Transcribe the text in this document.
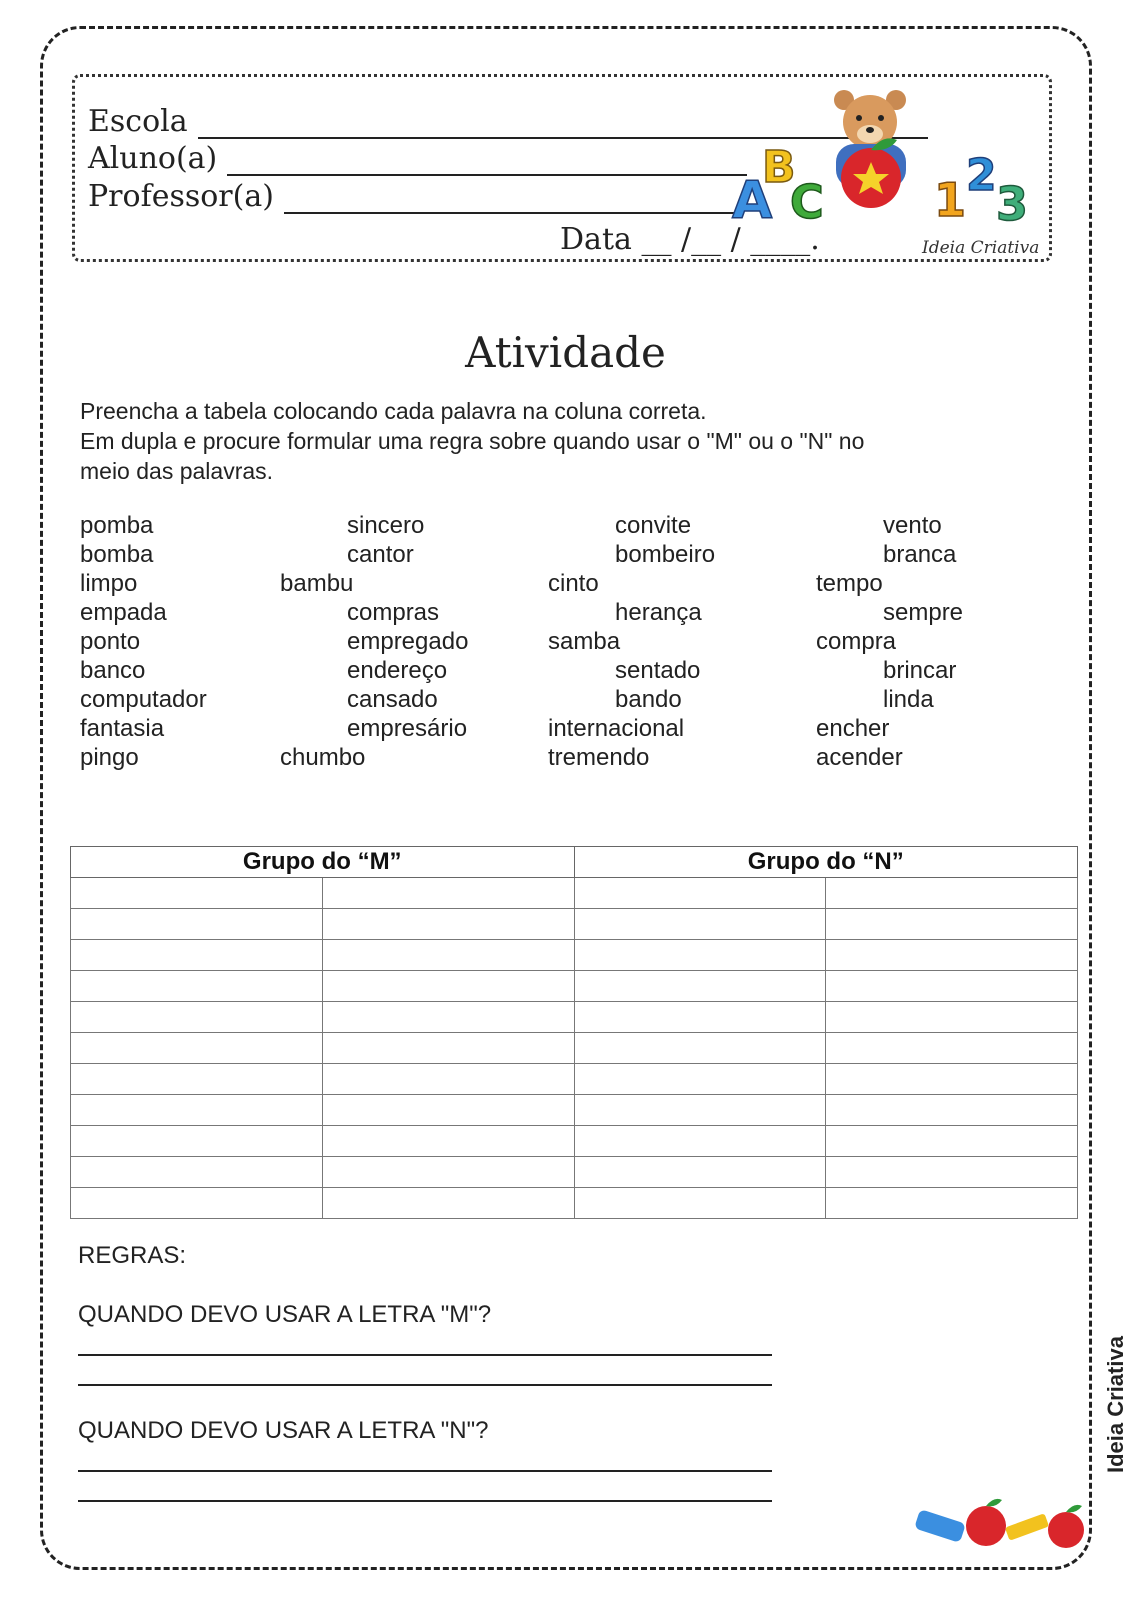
Escola
Aluno(a)
Professor(a)
Data __ /__ / ____.
A
B
C 1 2
3
Ideia Criativa
Atividade

Preencha a tabela colocando cada palavra na coluna correta.

Em dupla e procure formular uma regra sobre quando usar o "M" ou o "N" no

meio das palavras.

pomba	sincero	convite	vento
bomba	cantor	bombeiro	branca
limpo	bambu	cinto	tempo
empada	compras	herança	sempre
ponto	empregado	samba	compra
banco	endereço	sentado	brincar
computador	cansado	bando	linda
fantasia	empresário	internacional	encher
pingo	chumbo	tremendo	acender
Grupo do “M”		Grupo do “N”	

REGRAS:
QUANDO DEVO USAR A LETRA "M"?
QUANDO DEVO USAR A LETRA "N"?	Ideia Criativa
